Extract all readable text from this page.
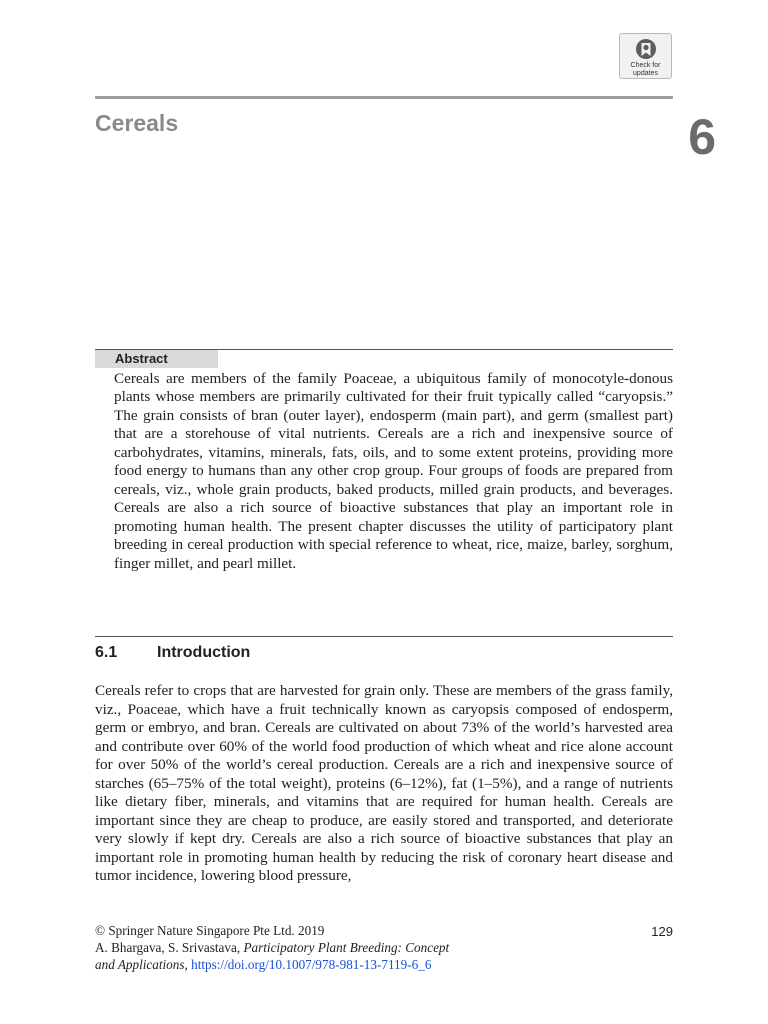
Check for
updates
Cereals	6
Abstract

Cereals are members of the family Poaceae, a ubiquitous family of monocotyle-donous plants whose members are primarily cultivated for their fruit typically called “caryopsis.” The grain consists of bran (outer layer), endosperm (main part), and germ (smallest part) that are a storehouse of vital nutrients. Cereals are a rich and inexpensive source of carbohydrates, vitamins, minerals, fats, oils, and to some extent proteins, providing more food energy to humans than any other crop group. Four groups of foods are prepared from cereals, viz., whole grain products, baked products, milled grain products, and beverages. Cereals are also a rich source of bioactive substances that play an important role in promoting human health. The present chapter discusses the utility of participatory plant breeding in cereal production with special reference to wheat, rice, maize, barley, sorghum, finger millet, and pearl millet.

6.1 Introduction

Cereals refer to crops that are harvested for grain only. These are members of the grass family, viz., Poaceae, which have a fruit technically known as caryopsis composed of endosperm, germ or embryo, and bran. Cereals are cultivated on about 73% of the world’s harvested area and contribute over 60% of the world food production of which wheat and rice alone account for over 50% of the world’s cereal production. Cereals are a rich and inexpensive source of starches (65–75% of the total weight), proteins (6–12%), fat (1–5%), and a range of nutrients like dietary fiber, minerals, and vitamins that are required for human health. Cereals are important since they are cheap to produce, are easily stored and transported, and deteriorate very slowly if kept dry. Cereals are also a rich source of bioactive substances that play an important role in promoting human health by reducing the risk of coronary heart disease and tumor incidence, lowering blood pressure,

129

© Springer Nature Singapore Pte Ltd. 2019
A. Bhargava, S. Srivastava, Participatory Plant Breeding: Concept
and Applications, https://doi.org/10.1007/978-981-13-7119-6_6
